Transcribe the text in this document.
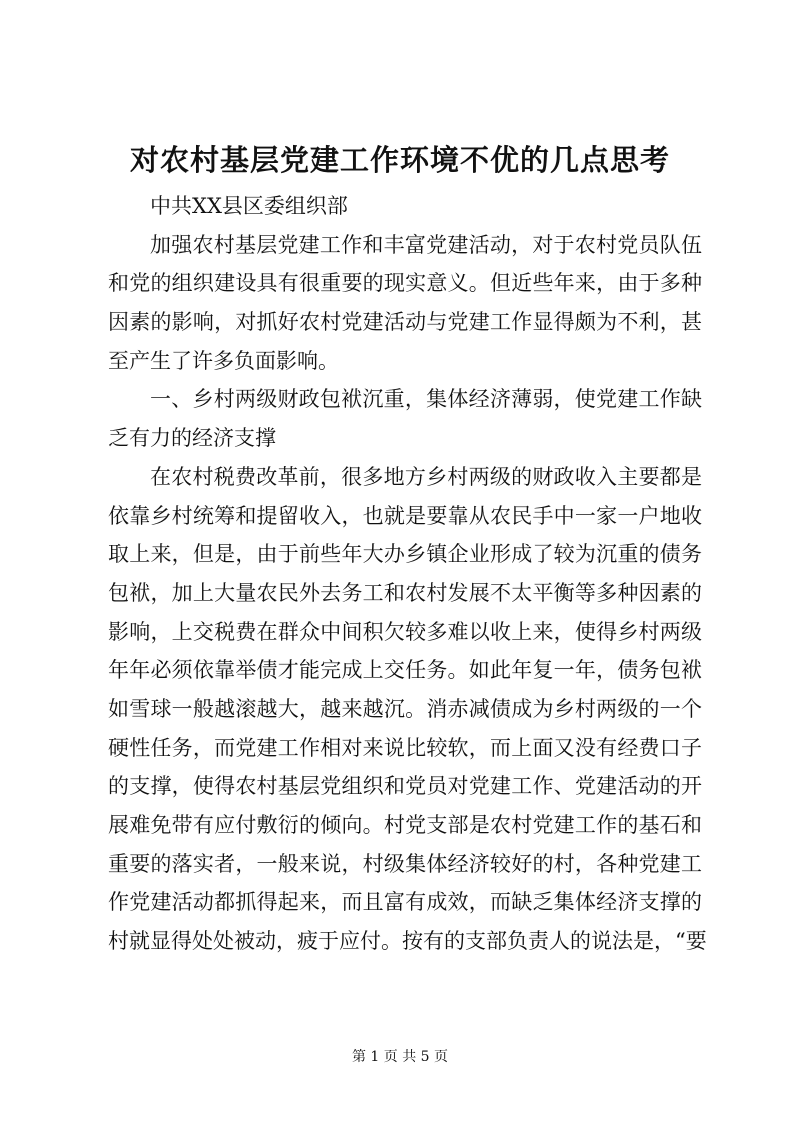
对农村基层党建工作环境不优的几点思考
中共XX县区委组织部
加强农村基层党建工作和丰富党建活动，对于农村党员队伍
和党的组织建设具有很重要的现实意义。但近些年来，由于多种
因素的影响，对抓好农村党建活动与党建工作显得颇为不利，甚
至产生了许多负面影响。
一、乡村两级财政包袱沉重，集体经济薄弱，使党建工作缺
乏有力的经济支撑
在农村税费改革前，很多地方乡村两级的财政收入主要都是
依靠乡村统筹和提留收入，也就是要靠从农民手中一家一户地收
取上来，但是，由于前些年大办乡镇企业形成了较为沉重的债务
包袱，加上大量农民外去务工和农村发展不太平衡等多种因素的
影响，上交税费在群众中间积欠较多难以收上来，使得乡村两级
年年必须依靠举债才能完成上交任务。如此年复一年，债务包袱
如雪球一般越滚越大，越来越沉。消赤减债成为乡村两级的一个
硬性任务，而党建工作相对来说比较软，而上面又没有经费口子
的支撑，使得农村基层党组织和党员对党建工作、党建活动的开
展难免带有应付敷衍的倾向。村党支部是农村党建工作的基石和
重要的落实者，一般来说，村级集体经济较好的村，各种党建工
作党建活动都抓得起来，而且富有成效，而缺乏集体经济支撑的
村就显得处处被动，疲于应付。按有的支部负责人的说法是，“要
第 1 页 共 5 页
